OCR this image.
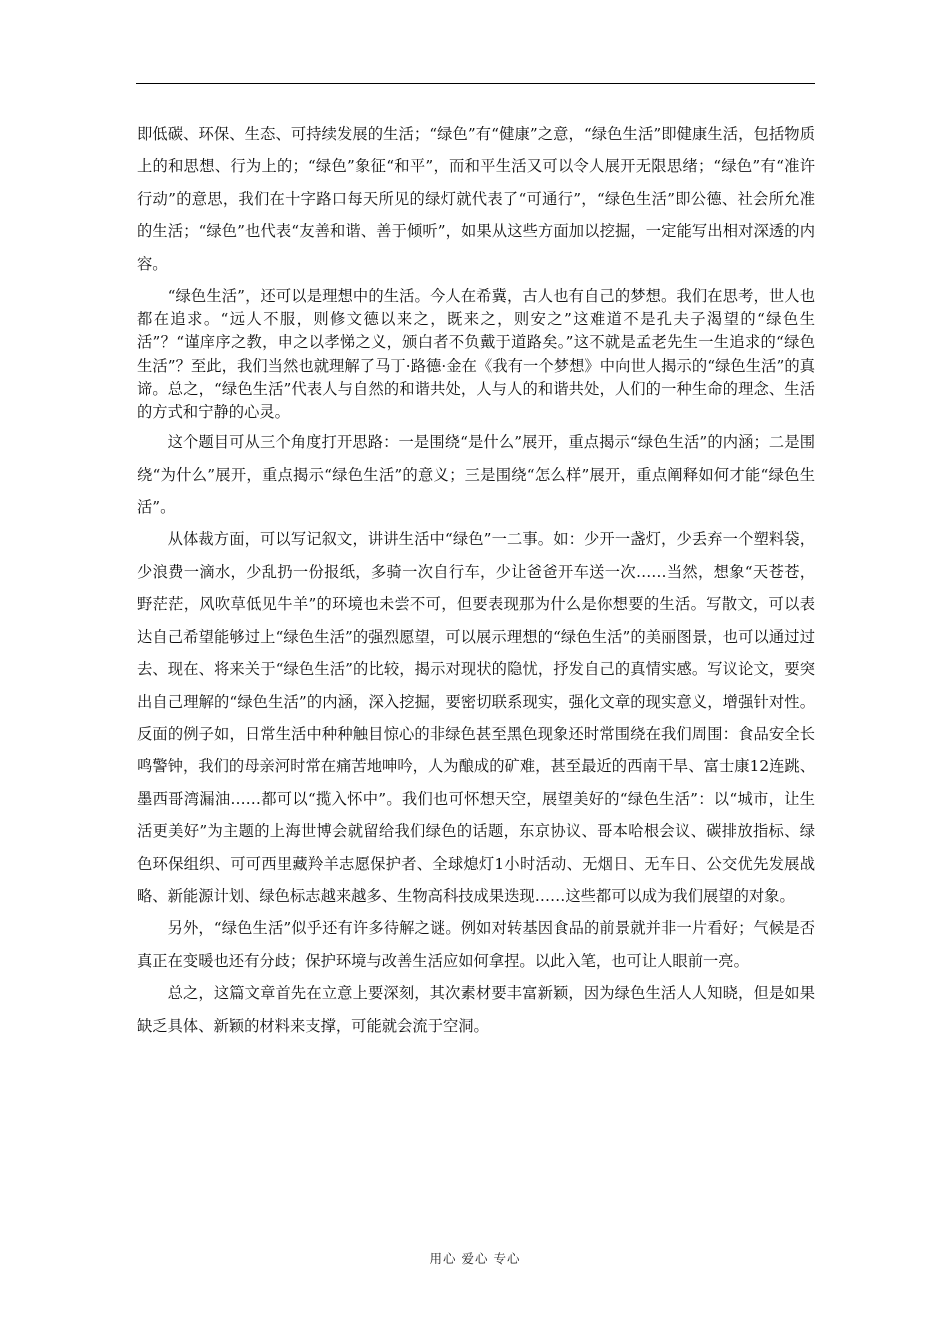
即低碳、环保、生态、可持续发展的生活；“绿色”有“健康”之意，“绿色生活”即健康生活，包括物质上的和思想、行为上的；“绿色”象征“和平”，而和平生活又可以令人展开无限思绪；“绿色”有“准许行动”的意思，我们在十字路口每天所见的绿灯就代表了“可通行”，“绿色生活”即公德、社会所允准的生活；“绿色”也代表“友善和谐、善于倾听”，如果从这些方面加以挖掘，一定能写出相对深透的内容。

“绿色生活”，还可以是理想中的生活。今人在希冀，古人也有自己的梦想。我们在思考，世人也都在追求。“远人不服，则修文德以来之，既来之，则安之”这难道不是孔夫子渴望的“绿色生活”？“谨庠序之教，申之以孝悌之义，颁白者不负戴于道路矣。”这不就是孟老先生一生追求的“绿色生活”？至此，我们当然也就理解了马丁·路德·金在《我有一个梦想》中向世人揭示的“绿色生活”的真谛。总之，“绿色生活”代表人与自然的和谐共处，人与人的和谐共处，人们的一种生命的理念、生活的方式和宁静的心灵。

这个题目可从三个角度打开思路：一是围绕“是什么”展开，重点揭示“绿色生活”的内涵；二是围绕“为什么”展开，重点揭示“绿色生活”的意义；三是围绕“怎么样”展开，重点阐释如何才能“绿色生活”。

从体裁方面，可以写记叙文，讲讲生活中“绿色”一二事。如：少开一盏灯，少丢弃一个塑料袋，少浪费一滴水，少乱扔一份报纸，多骑一次自行车，少让爸爸开车送一次……当然，想象“天苍苍，野茫茫，风吹草低见牛羊”的环境也未尝不可，但要表现那为什么是你想要的生活。写散文，可以表达自己希望能够过上“绿色生活”的强烈愿望，可以展示理想的“绿色生活”的美丽图景，也可以通过过去、现在、将来关于“绿色生活”的比较，揭示对现状的隐忧，抒发自己的真情实感。写议论文，要突出自己理解的“绿色生活”的内涵，深入挖掘，要密切联系现实，强化文章的现实意义，增强针对性。反面的例子如，日常生活中种种触目惊心的非绿色甚至黑色现象还时常围绕在我们周围：食品安全长鸣警钟，我们的母亲河时常在痛苦地呻吟，人为酿成的矿难，甚至最近的西南干旱、富士康12连跳、墨西哥湾漏油……都可以“揽入怀中”。我们也可怀想天空，展望美好的“绿色生活”：以“城市，让生活更美好”为主题的上海世博会就留给我们绿色的话题，东京协议、哥本哈根会议、碳排放指标、绿色环保组织、可可西里藏羚羊志愿保护者、全球熄灯1小时活动、无烟日、无车日、公交优先发展战略、新能源计划、绿色标志越来越多、生物高科技成果迭现……这些都可以成为我们展望的对象。

另外，“绿色生活”似乎还有许多待解之谜。例如对转基因食品的前景就并非一片看好；气候是否真正在变暖也还有分歧；保护环境与改善生活应如何拿捏。以此入笔，也可让人眼前一亮。

总之，这篇文章首先在立意上要深刻，其次素材要丰富新颖，因为绿色生活人人知晓，但是如果缺乏具体、新颖的材料来支撑，可能就会流于空洞。

用心 爱心 专心
